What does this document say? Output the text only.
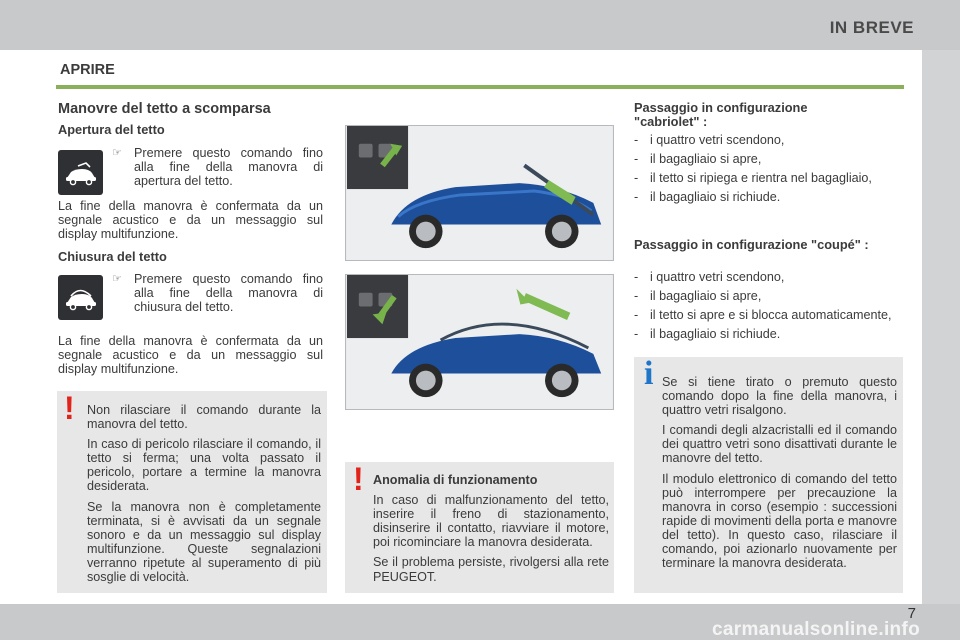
IN BREVE
7
carmanualsonline.info
APRIRE
Manovre del tetto a scomparsa
Apertura del tetto
☞ Premere questo comando fino alla fine della manovra di apertura del tetto.
La fine della manovra è confermata da un segnale acustico e da un messaggio sul display multifunzione.
Chiusura del tetto
☞ Premere questo comando fino alla fine della manovra di chiusura del tetto.
La fine della manovra è confermata da un segnale acustico e da un messaggio sul display multifunzione.
! Non rilasciare il comando durante la manovra del tetto.

In caso di pericolo rilasciare il comando, il tetto si ferma; una volta passato il pericolo, portare a termine la manovra desiderata.

Se la manovra non è completamente terminata, si è avvisati da un segnale sonoro e da un messaggio sul display multifunzione. Queste segnalazioni verranno ripetute al superamento di più sosglie di velocità.

! Anomalia di funzionamento

In caso di malfunzionamento del tetto, inserire il freno di stazionamento, disinserire il contatto, riavviare il motore, poi ricominciare la manovra desiderata.

Se il problema persiste, rivolgersi alla rete PEUGEOT.

Passaggio in configurazione "cabriolet" :
- i quattro vetri scendono,
- il bagagliaio si apre,
- il tetto si ripiega e rientra nel bagagliaio,
- il bagagliaio si richiude.
Passaggio in configurazione "coupé" :
- i quattro vetri scendono,
- il bagagliaio si apre,
- il tetto si apre e si blocca automaticamente,
- il bagagliaio si richiude.
i Se si tiene tirato o premuto questo comando dopo la fine della manovra, i quattro vetri risalgono.

I comandi degli alzacristalli ed il comando dei quattro vetri sono disattivati durante le manovre del tetto.

Il modulo elettronico di comando del tetto può interrompere per precauzione la manovra in corso (esempio : successioni rapide di movimenti della porta e manovre del tetto). In questo caso, rilasciare il comando, poi azionarlo nuovamente per terminare la manovra desiderata.
